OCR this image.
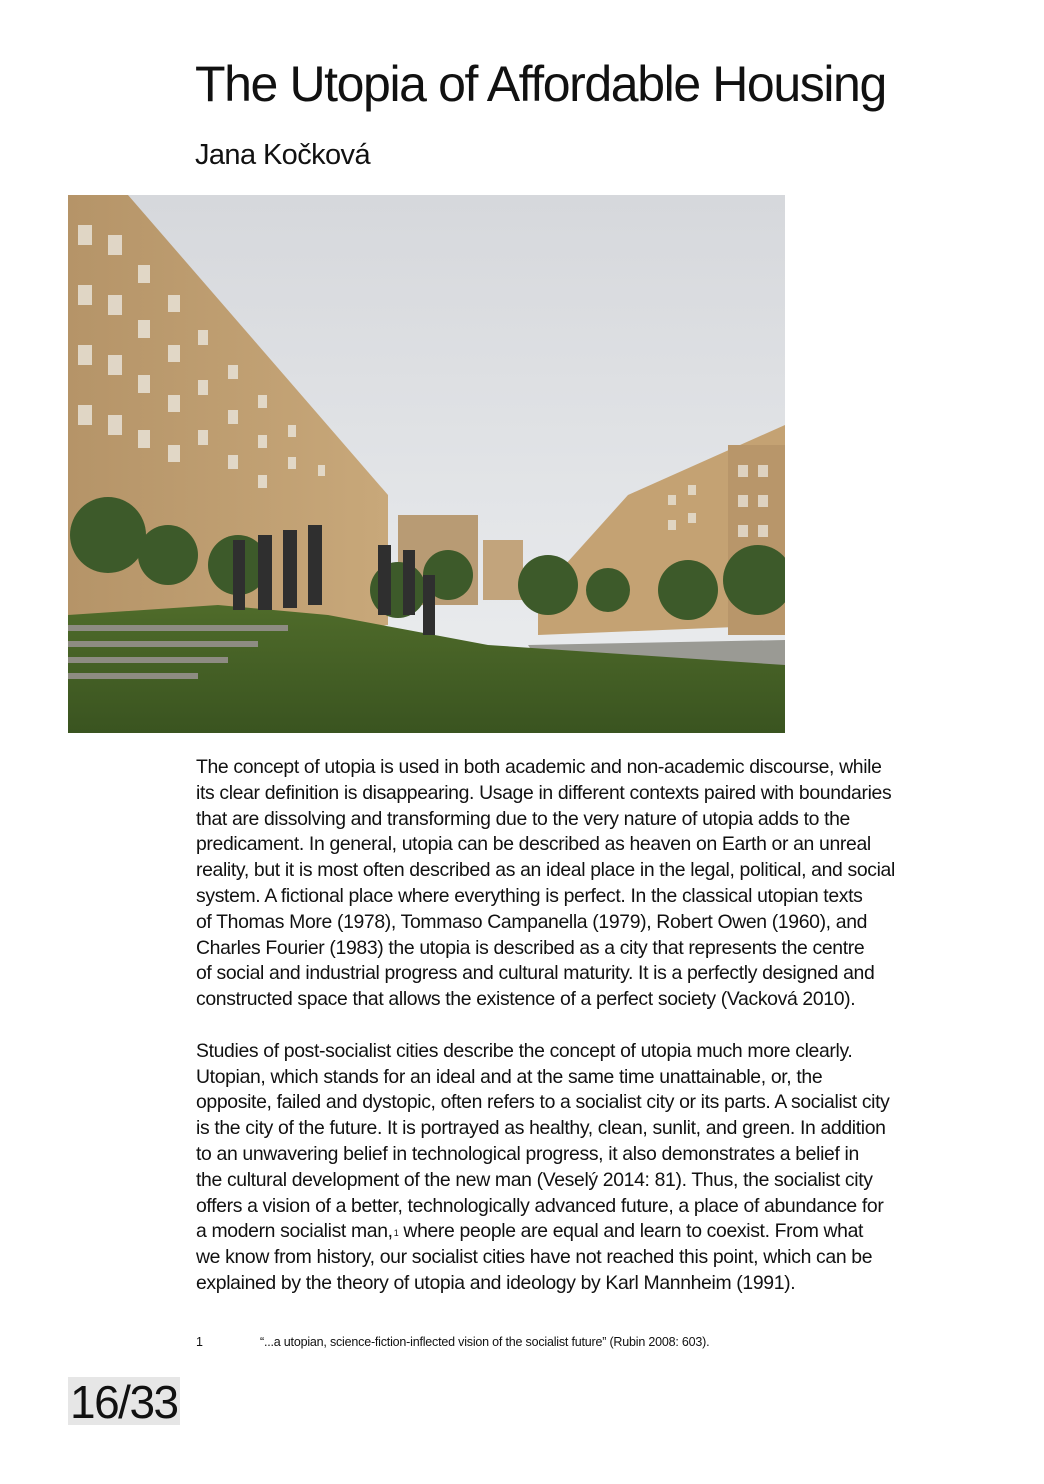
The Utopia of Affordable Housing
Jana Kočková

The concept of utopia is used in both academic and non-academic discourse, while
its clear definition is disappearing. Usage in different contexts paired with boundaries
that are dissolving and transforming due to the very nature of utopia adds to the
predicament. In general, utopia can be described as heaven on Earth or an unreal
reality, but it is most often described as an ideal place in the legal, political, and social
system. A fictional place where everything is perfect. In the classical utopian texts
of Thomas More (1978), Tommaso Campanella (1979), Robert Owen (1960), and
Charles Fourier (1983) the utopia is described as a city that represents the centre
of social and industrial progress and cultural maturity. It is a perfectly designed and
constructed space that allows the existence of a perfect society (Vacková 2010).

Studies of post-socialist cities describe the concept of utopia much more clearly.
Utopian, which stands for an ideal and at the same time unattainable, or, the
opposite, failed and dystopic, often refers to a socialist city or its parts. A socialist city
is the city of the future. It is portrayed as healthy, clean, sunlit, and green. In addition
to an unwavering belief in technological progress, it also demonstrates a belief in
the cultural development of the new man (Veselý 2014: 81). Thus, the socialist city
offers a vision of a better, technologically advanced future, a place of abundance for
a modern socialist man,$^1$ where people are equal and learn to coexist. From what
we know from history, our socialist cities have not reached this point, which can be
explained by the theory of utopia and ideology by Karl Mannheim (1991).

1	“...a utopian, science-fiction-inflected vision of the socialist future” (Rubin 2008: 603).
16/33
